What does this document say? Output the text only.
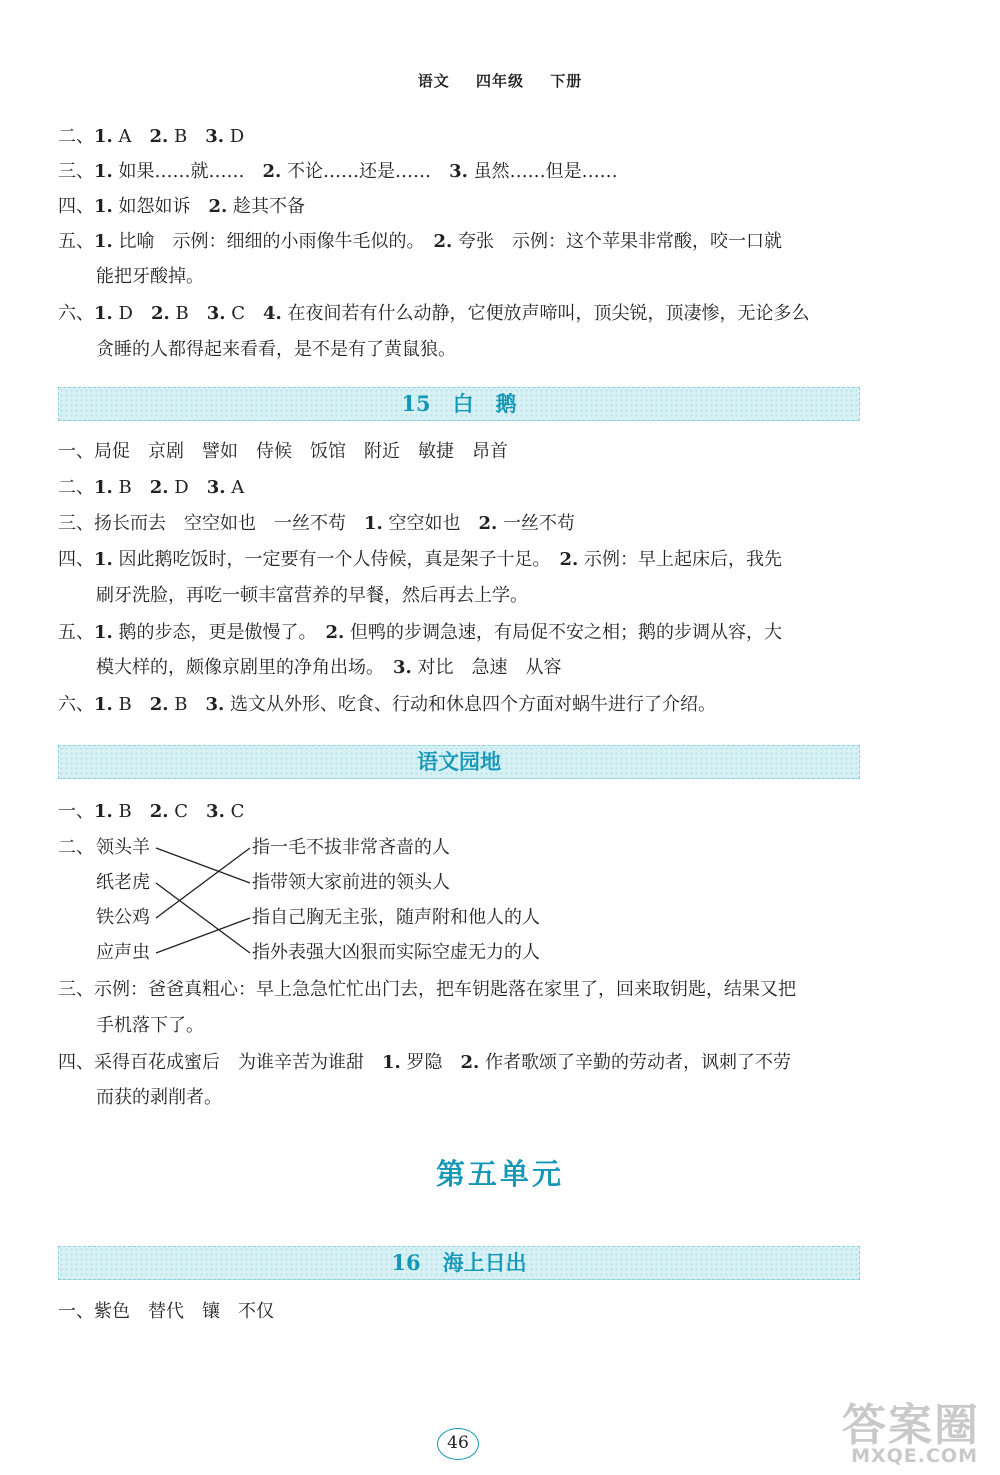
语文 四年级 下册
二、1. A　2. B　3. D
三、1. 如果……就……　2. 不论……还是……　3. 虽然……但是……
四、1. 如怨如诉　2. 趁其不备
五、1. 比喻　示例：细细的小雨像牛毛似的。　2. 夸张　示例：这个苹果非常酸，咬一口就
能把牙酸掉。
六、1. D　2. B　3. C　4. 在夜间若有什么动静，它便放声啼叫，顶尖锐，顶凄惨，无论多么
贪睡的人都得起来看看，是不是有了黄鼠狼。
15 白 鹅
一、局促　京剧　譬如　侍候　饭馆　附近　敏捷　昂首
二、1. B　2. D　3. A
三、扬长而去　空空如也　一丝不苟　1. 空空如也　2. 一丝不苟
四、1. 因此鹅吃饭时，一定要有一个人侍候，真是架子十足。　2. 示例：早上起床后，我先
刷牙洗脸，再吃一顿丰富营养的早餐，然后再去上学。
五、1. 鹅的步态，更是傲慢了。　2. 但鸭的步调急速，有局促不安之相；鹅的步调从容，大
模大样的，颇像京剧里的净角出场。　3. 对比　急速　从容
六、1. B　2. B　3. 选文从外形、吃食、行动和休息四个方面对蜗牛进行了介绍。
语文园地
一、1. B　2. C　3. C
二、 领头羊
纸老虎
铁公鸡
应声虫
指一毛不拔非常吝啬的人
指带领大家前进的领头人
指自己胸无主张，随声附和他人的人
指外表强大凶狠而实际空虚无力的人
三、示例：爸爸真粗心：早上急急忙忙出门去，把车钥匙落在家里了，回来取钥匙，结果又把
手机落下了。
四、采得百花成蜜后　为谁辛苦为谁甜　1. 罗隐　2. 作者歌颂了辛勤的劳动者，讽刺了不劳
而获的剥削者。
第五单元
16 海上日出
一、紫色　替代　镶　不仅
46	答案圈
MXQE.COM
